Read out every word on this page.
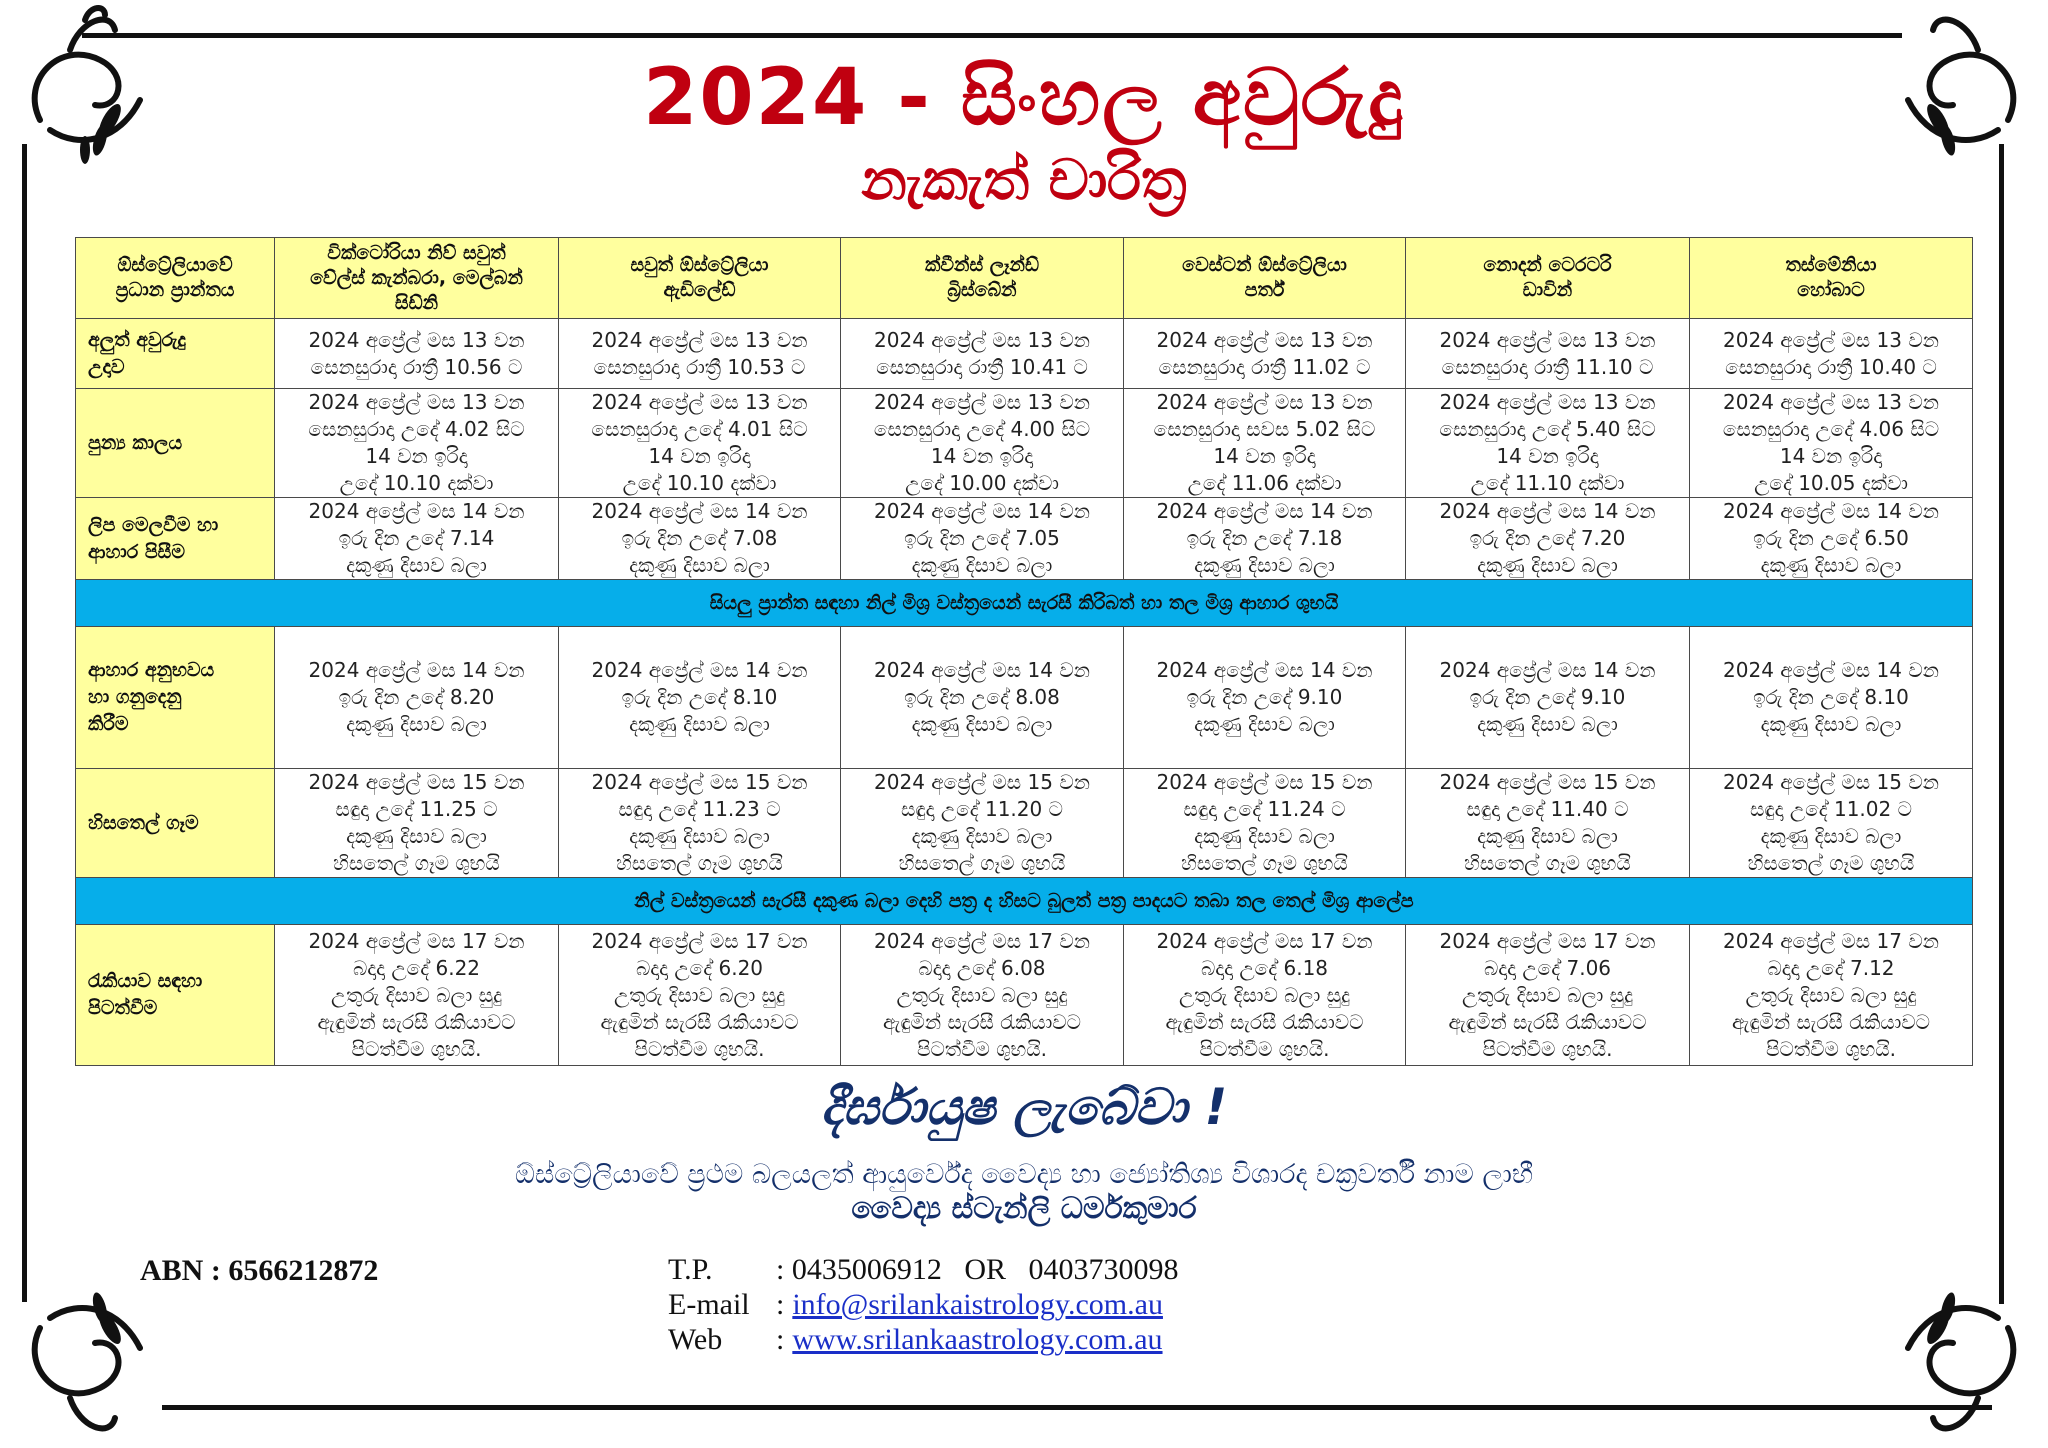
2024 - සිංහල අවුරුදු
නැකැත් චාරිත්‍ර
ඕස්ට්‍රේලියාවේ
ප්‍රධාන ප්‍රාන්තය	වික්ටෝරියා නිව් සවුත්
වේල්ස් කැන්බරා, මෙල්බන්
සිඩ්නි	සවුත් ඕස්ට්‍රේලියා
ඇඩිලේඩ්	ක්වීන්ස් ලෑන්ඩ්
බ්‍රිස්බේන්	වෙස්ටන් ඕස්ට්‍රේලියා
පර්ත්	නොදන් ටෙරටරි
ඩාවින්	තස්මේනියා
හෝබාට

අලුත් අවුරුදු
උදාව	2024 අප්‍රේල් මස 13 වන
සෙනසුරාදා රාත්‍රී 10.56 ට	2024 අප්‍රේල් මස 13 වන
සෙනසුරාදා රාත්‍රී 10.53 ට	2024 අප්‍රේල් මස 13 වන
සෙනසුරාදා රාත්‍රී 10.41 ට	2024 අප්‍රේල් මස 13 වන
සෙනසුරාදා රාත්‍රී 11.02 ට	2024 අප්‍රේල් මස 13 වන
සෙනසුරාදා රාත්‍රී 11.10 ට	2024 අප්‍රේල් මස 13 වන
සෙනසුරාදා රාත්‍රී 10.40 ට

පුන්‍ය කාලය	2024 අප්‍රේල් මස 13 වන
සෙනසුරාදා උදේ 4.02 සිට
14 වන ඉරිදා
උදේ 10.10 දක්වා	2024 අප්‍රේල් මස 13 වන
සෙනසුරාදා උදේ 4.01 සිට
14 වන ඉරිදා
උදේ 10.10 දක්වා	2024 අප්‍රේල් මස 13 වන
සෙනසුරාදා උදේ 4.00 සිට
14 වන ඉරිදා
උදේ 10.00 දක්වා	2024 අප්‍රේල් මස 13 වන
සෙනසුරාදා සවස 5.02 සිට
14 වන ඉරිදා
උදේ 11.06 දක්වා	2024 අප්‍රේල් මස 13 වන
සෙනසුරාදා උදේ 5.40 සිට
14 වන ඉරිදා
උදේ 11.10 දක්වා	2024 අප්‍රේල් මස 13 වන
සෙනසුරාදා උදේ 4.06 සිට
14 වන ඉරිදා
උදේ 10.05 දක්වා

ලිප මෙලවීම හා
ආහාර පිසීම	2024 අප්‍රේල් මස 14 වන
ඉරු දින උදේ 7.14
දකුණු දිසාව බලා	2024 අප්‍රේල් මස 14 වන
ඉරු දින උදේ 7.08
දකුණු දිසාව බලා	2024 අප්‍රේල් මස 14 වන
ඉරු දින උදේ 7.05
දකුණු දිසාව බලා	2024 අප්‍රේල් මස 14 වන
ඉරු දින උදේ 7.18
දකුණු දිසාව බලා	2024 අප්‍රේල් මස 14 වන
ඉරු දින උදේ 7.20
දකුණු දිසාව බලා	2024 අප්‍රේල් මස 14 වන
ඉරු දින උදේ 6.50
දකුණු දිසාව බලා

සියලු ප්‍රාන්ත සඳහා නිල් මිශ්‍ර වස්ත්‍රයෙන් සැරසී කිරිබත් හා තල මිශ්‍ර ආහාර ශුභයි						

ආහාර අනුභවය
හා ගනුදෙනු
කිරීම	2024 අප්‍රේල් මස 14 වන
ඉරු දින උදේ 8.20
දකුණු දිසාව බලා	2024 අප්‍රේල් මස 14 වන
ඉරු දින උදේ 8.10
දකුණු දිසාව බලා	2024 අප්‍රේල් මස 14 වන
ඉරු දින උදේ 8.08
දකුණු දිසාව බලා	2024 අප්‍රේල් මස 14 වන
ඉරු දින උදේ 9.10
දකුණු දිසාව බලා	2024 අප්‍රේල් මස 14 වන
ඉරු දින උදේ 9.10
දකුණු දිසාව බලා	2024 අප්‍රේල් මස 14 වන
ඉරු දින උදේ 8.10
දකුණු දිසාව බලා

හිසතෙල් ගෑම	2024 අප්‍රේල් මස 15 වන
සඳුදා උදේ 11.25 ට
දකුණු දිසාව බලා
හිසතෙල් ගෑම ශුභයි	2024 අප්‍රේල් මස 15 වන
සඳුදා උදේ 11.23 ට
දකුණු දිසාව බලා
හිසතෙල් ගෑම ශුභයි	2024 අප්‍රේල් මස 15 වන
සඳුදා උදේ 11.20 ට
දකුණු දිසාව බලා
හිසතෙල් ගෑම ශුභයි	2024 අප්‍රේල් මස 15 වන
සඳුදා උදේ 11.24 ට
දකුණු දිසාව බලා
හිසතෙල් ගෑම ශුභයි	2024 අප්‍රේල් මස 15 වන
සඳුදා උදේ 11.40 ට
දකුණු දිසාව බලා
හිසතෙල් ගෑම ශුභයි	2024 අප්‍රේල් මස 15 වන
සඳුදා උදේ 11.02 ට
දකුණු දිසාව බලා
හිසතෙල් ගෑම ශුභයි

නිල් වස්ත්‍රයෙන් සැරසී දකුණ බලා දෙහි පත්‍ර ද හිසට බුලත් පත්‍ර පාදයට තබා තල තෙල් මිශ්‍ර ආලේප						

රැකියාව සඳහා
පිටත්වීම	2024 අප්‍රේල් මස 17 වන
බදාදා උදේ 6.22
උතුරු දිසාව බලා සුදු
ඇඳුමින් සැරසී රැකියාවට
පිටත්වීම ශුභයි.	2024 අප්‍රේල් මස 17 වන
බදාදා උදේ 6.20
උතුරු දිසාව බලා සුදු
ඇඳුමින් සැරසී රැකියාවට
පිටත්වීම ශුභයි.	2024 අප්‍රේල් මස 17 වන
බදාදා උදේ 6.08
උතුරු දිසාව බලා සුදු
ඇඳුමින් සැරසී රැකියාවට
පිටත්වීම ශුභයි.	2024 අප්‍රේල් මස 17 වන
බදාදා උදේ 6.18
උතුරු දිසාව බලා සුදු
ඇඳුමින් සැරසී රැකියාවට
පිටත්වීම ශුභයි.	2024 අප්‍රේල් මස 17 වන
බදාදා උදේ 7.06
උතුරු දිසාව බලා සුදු
ඇඳුමින් සැරසී රැකියාවට
පිටත්වීම ශුභයි.	2024 අප්‍රේල් මස 17 වන
බදාදා උදේ 7.12
උතුරු දිසාව බලා සුදු
ඇඳුමින් සැරසී රැකියාවට
පිටත්වීම ශුභයි.
දීර්ඝායුෂ ලැබේවා !
ඕස්ට්‍රේලියාවේ ප්‍රථම බලයලත් ආයුර්වේද වෛද්‍ය හා ජ්‍යෝතිශ්‍ය විශාරද චක්‍රවර්තී නාම ලාභී
වෛද්‍ය ස්ටැන්ලි ධර්මකුමාර
ABN : 6566212872	T.P.	: 0435006912   OR   0403730098
E-mail : info@srilankaistrology.com.au
Web	: www.srilankaastrology.com.au
